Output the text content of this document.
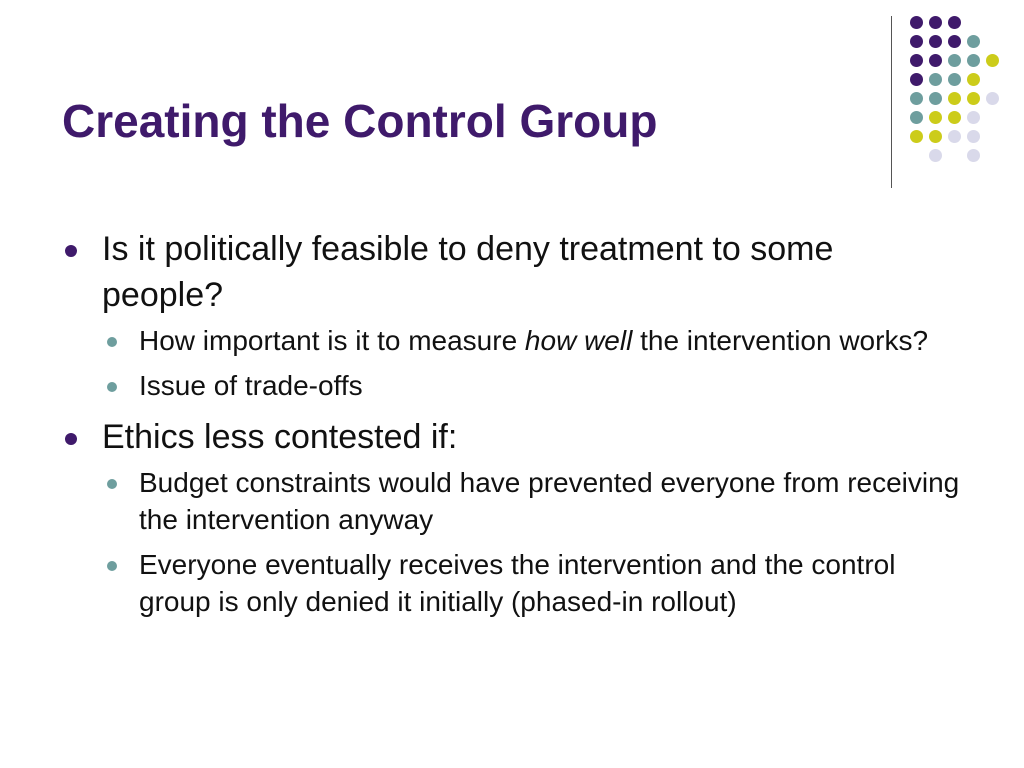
Creating the Control Group
Is it politically feasible to deny treatment to some people?
How important is it to measure how well the intervention works?
Issue of trade-offs
Ethics less contested if:
Budget constraints would have prevented everyone from receiving the intervention anyway
Everyone eventually receives the intervention and the control group is only denied it initially (phased-in rollout)
